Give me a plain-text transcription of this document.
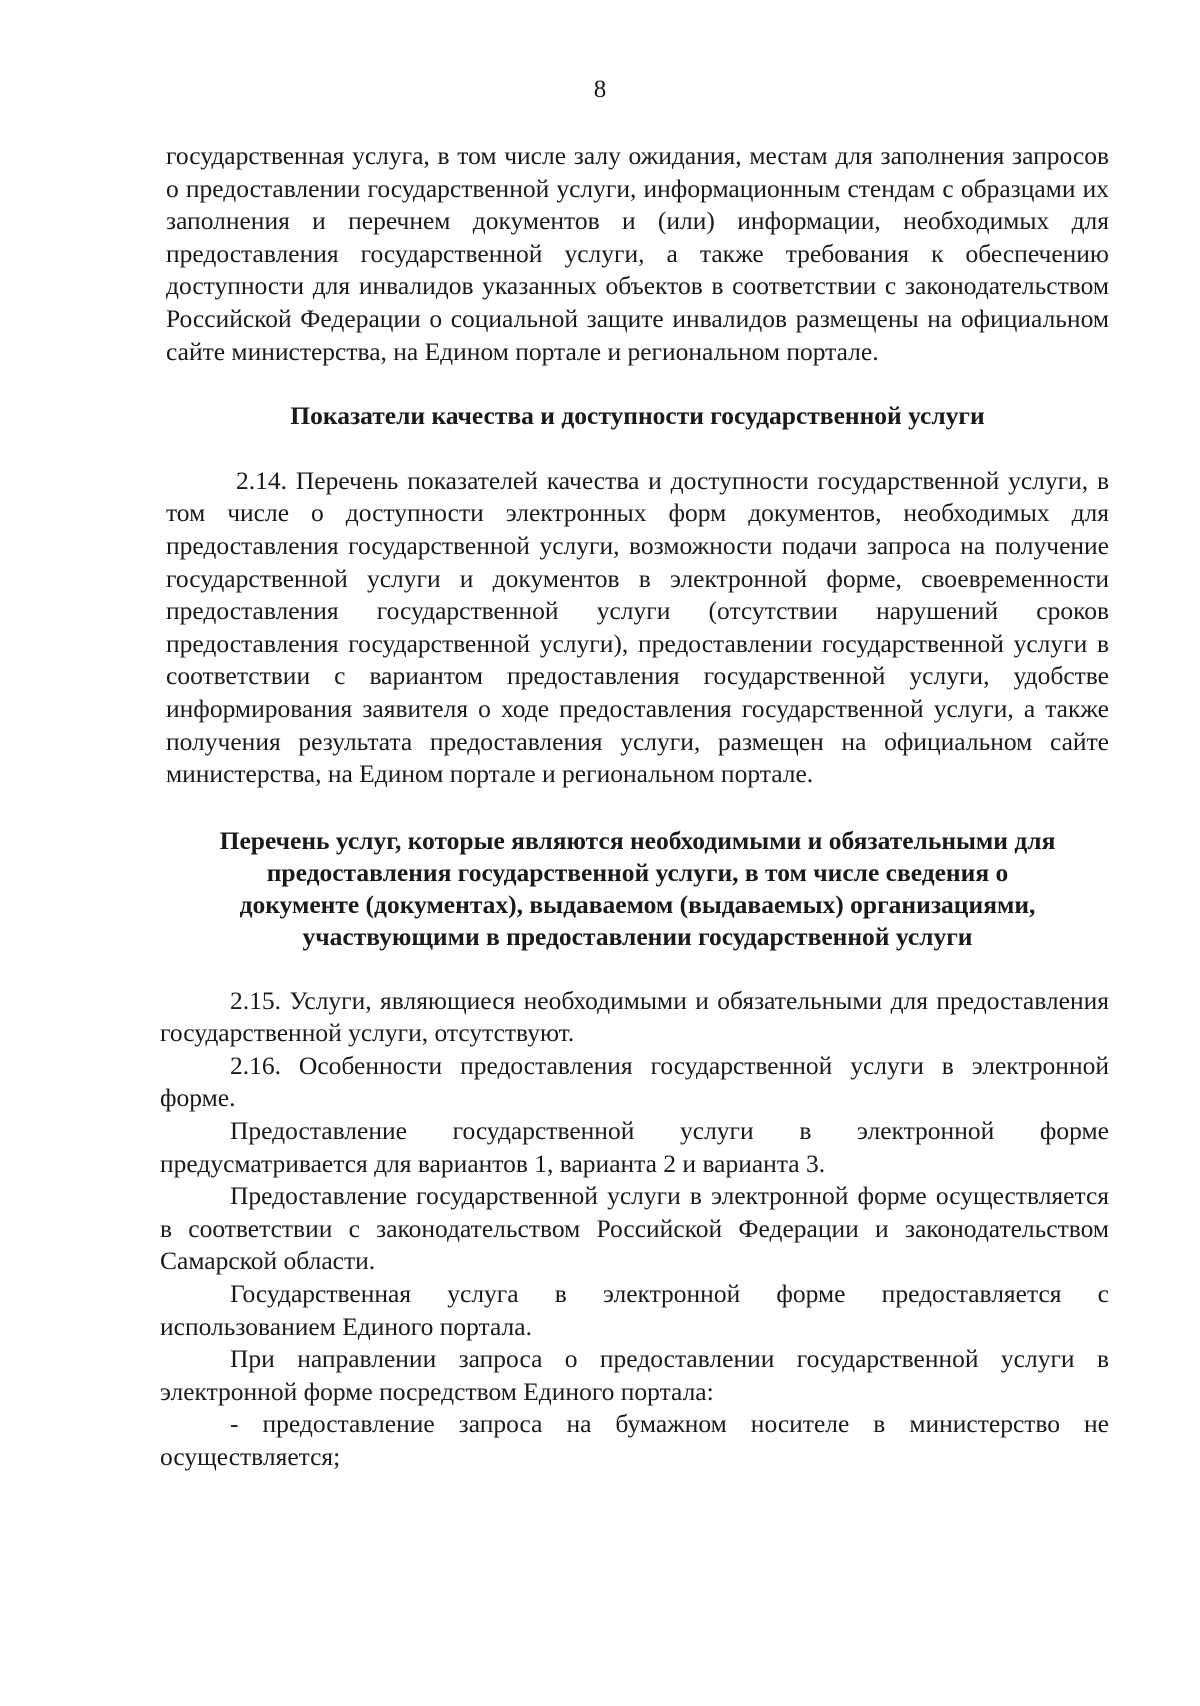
8

государственная услуга, в том числе залу ожидания, местам для заполнения запросов о предоставлении государственной услуги, информационным стендам с образцами их заполнения и перечнем документов и (или) информации, необходимых для предоставления государственной услуги, а также требования к обеспечению доступности для инвалидов указанных объектов в соответствии с законодательством Российской Федерации о социальной защите инвалидов размещены на официальном сайте министерства, на Едином портале и региональном портале.

Показатели качества и доступности государственной услуги

2.14. Перечень показателей качества и доступности государственной услуги, в том числе о доступности электронных форм документов, необходимых для предоставления государственной услуги, возможности подачи запроса на получение государственной услуги и документов в электронной форме, своевременности предоставления государственной услуги (отсутствии нарушений сроков предоставления государственной услуги), предоставлении государственной услуги в соответствии с вариантом предоставления государственной услуги, удобстве информирования заявителя о ходе предоставления государственной услуги, а также получения результата предоставления услуги, размещен на официальном сайте министерства, на Едином портале и региональном портале.

Перечень услуг, которые являются необходимыми и обязательными для
предоставления государственной услуги, в том числе сведения о
документе (документах), выдаваемом (выдаваемых) организациями,
участвующими в предоставлении государственной услуги

2.15. Услуги, являющиеся необходимыми и обязательными для предоставления государственной услуги, отсутствуют.

2.16. Особенности предоставления государственной услуги в электронной форме.

Предоставление государственной услуги в электронной форме предусматривается для вариантов 1, варианта 2 и варианта 3.

Предоставление государственной услуги в электронной форме осуществляется в соответствии с законодательством Российской Федерации и законодательством Самарской области.

Государственная услуга в электронной форме предоставляется с использованием Единого портала.

При направлении запроса о предоставлении государственной услуги в электронной форме посредством Единого портала:

- предоставление запроса на бумажном носителе в министерство не осуществляется;
